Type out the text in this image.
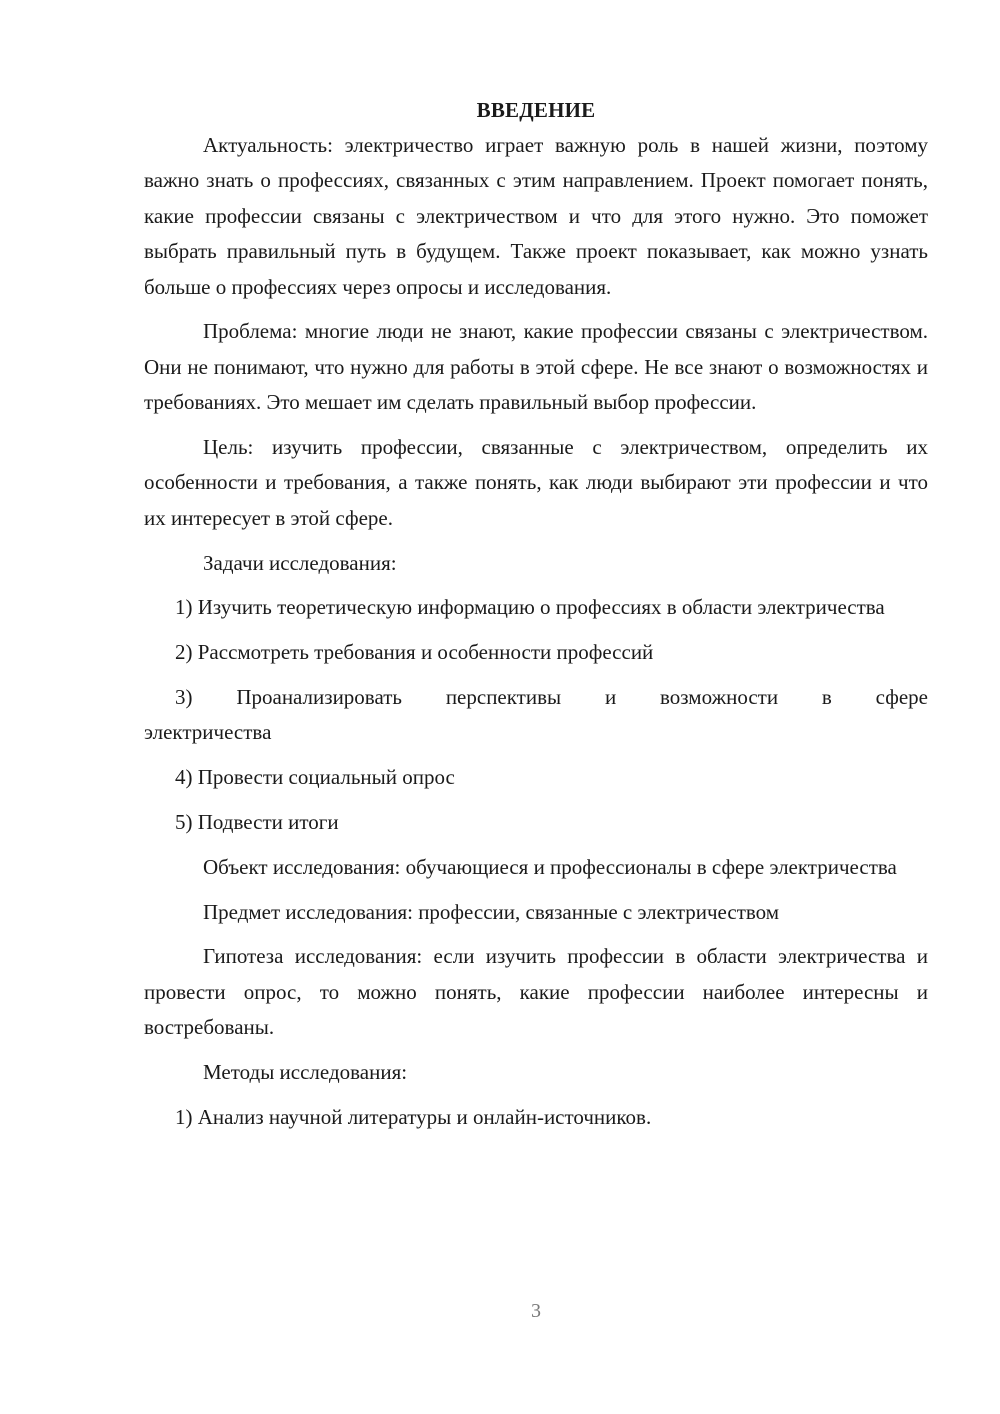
ВВЕДЕНИЕ

Актуальность: электричество играет важную роль в нашей жизни, поэтому важно знать о профессиях, связанных с этим направлением. Проект помогает понять, какие профессии связаны с электричеством и что для этого нужно. Это поможет выбрать правильный путь в будущем. Также проект показывает, как можно узнать больше о профессиях через опросы и исследования.

Проблема: многие люди не знают, какие профессии связаны с электричеством. Они не понимают, что нужно для работы в этой сфере. Не все знают о возможностях и требованиях. Это мешает им сделать правильный выбор профессии.

Цель: изучить профессии, связанные с электричеством, определить их особенности и требования, а также понять, как люди выбирают эти профессии и что их интересует в этой сфере.

Задачи исследования:

1) Изучить теоретическую информацию о профессиях в области электричества

2) Рассмотреть требования и особенности профессий

3) Проанализировать перспективы и возможности в сфере

электричества

4) Провести социальный опрос

5) Подвести итоги

Объект исследования: обучающиеся и профессионалы в сфере электричества

Предмет исследования: профессии, связанные с электричеством

Гипотеза исследования: если изучить профессии в области электричества и провести опрос, то можно понять, какие профессии наиболее интересны и востребованы.

Методы исследования:

1) Анализ научной литературы и онлайн-источников.

3
